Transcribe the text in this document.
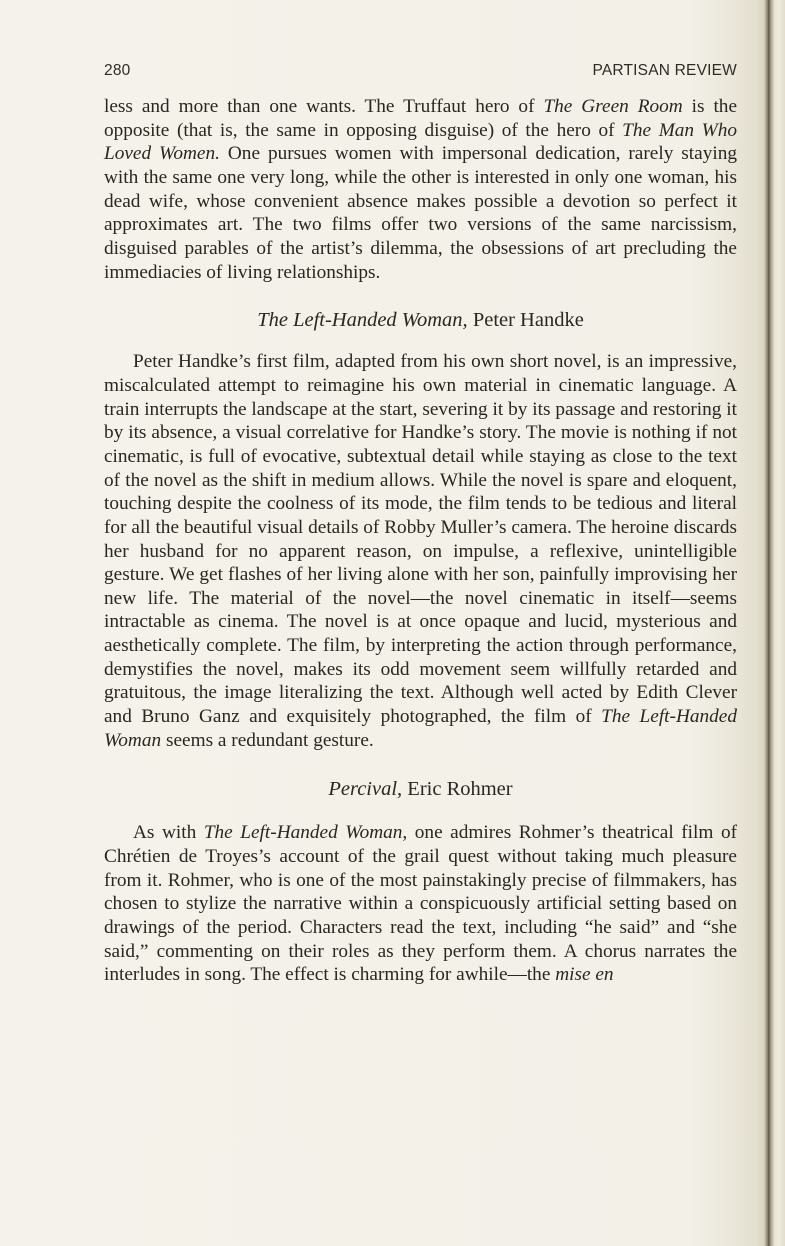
280	PARTISAN REVIEW

less and more than one wants. The Truffaut hero of The Green Room is the opposite (that is, the same in opposing disguise) of the hero of The Man Who Loved Women. One pursues women with impersonal dedication, rarely staying with the same one very long, while the other is interested in only one woman, his dead wife, whose convenient absence makes possible a devotion so perfect it approximates art. The two films offer two versions of the same narcissism, disguised parables of the artist’s dilemma, the obsessions of art precluding the immediacies of living relationships.

The Left-Handed Woman, Peter Handke

Peter Handke’s first film, adapted from his own short novel, is an impressive, miscalculated attempt to reimagine his own material in cinematic language. A train interrupts the landscape at the start, severing it by its passage and restoring it by its absence, a visual correlative for Handke’s story. The movie is nothing if not cinematic, is full of evocative, subtextual detail while staying as close to the text of the novel as the shift in medium allows. While the novel is spare and eloquent, touching despite the coolness of its mode, the film tends to be tedious and literal for all the beautiful visual details of Robby Muller’s camera. The heroine discards her husband for no apparent reason, on impulse, a reflexive, unintelligible gesture. We get flashes of her living alone with her son, painfully improvising her new life. The material of the novel—the novel cinematic in itself—seems intractable as cinema. The novel is at once opaque and lucid, mysterious and aesthetically complete. The film, by interpreting the action through performance, demystifies the novel, makes its odd movement seem willfully retarded and gratuitous, the image literalizing the text. Although well acted by Edith Clever and Bruno Ganz and exquisitely photographed, the film of The Left-Handed Woman seems a redundant gesture.

Percival, Eric Rohmer

As with The Left-Handed Woman, one admires Rohmer’s theatrical film of Chrétien de Troyes’s account of the grail quest without taking much pleasure from it. Rohmer, who is one of the most painstakingly precise of filmmakers, has chosen to stylize the narrative within a conspicuously artificial setting based on drawings of the period. Characters read the text, including “he said” and “she said,” commenting on their roles as they perform them. A chorus narrates the interludes in song. The effect is charming for awhile—the mise en
